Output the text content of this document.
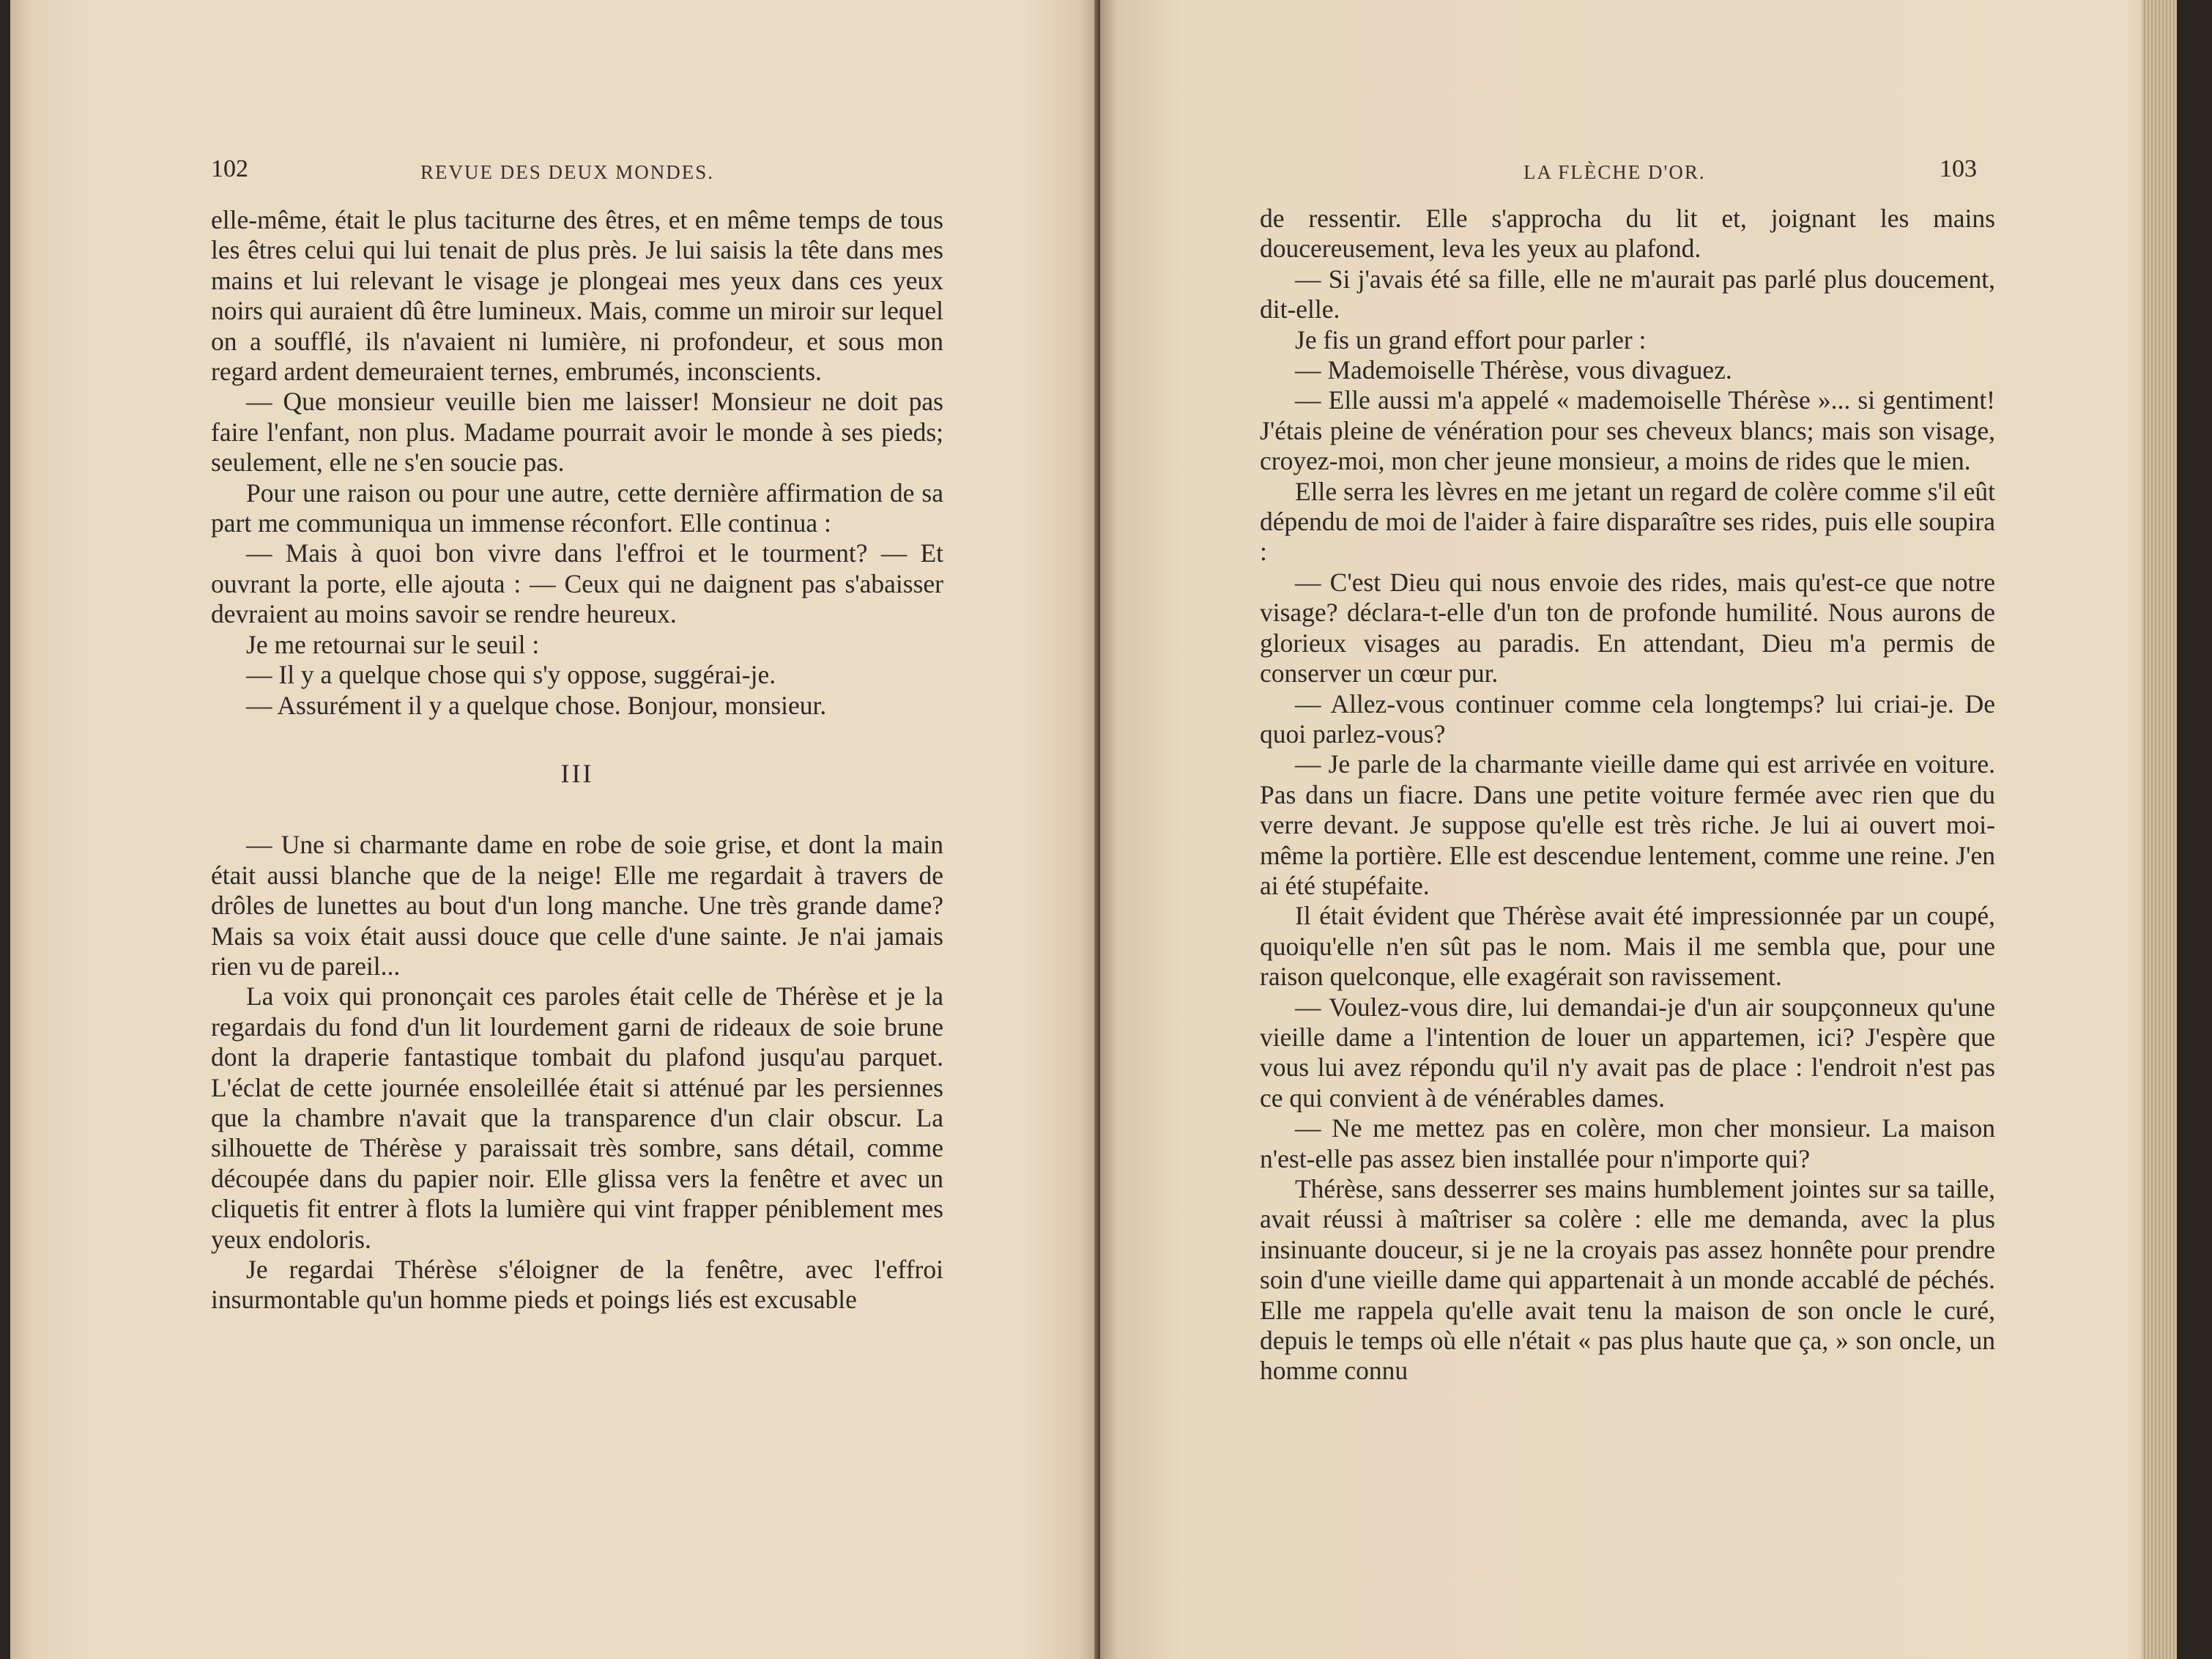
102	REVUE DES DEUX MONDES.

elle-même, était le plus taciturne des êtres, et en même temps de tous les êtres celui qui lui tenait de plus près. Je lui saisis la tête dans mes mains et lui relevant le visage je plongeai mes yeux dans ces yeux noirs qui auraient dû être lumineux. Mais, comme un miroir sur lequel on a soufflé, ils n'avaient ni lumière, ni profondeur, et sous mon regard ardent demeuraient ternes, embrumés, inconscients.

— Que monsieur veuille bien me laisser! Monsieur ne doit pas faire l'enfant, non plus. Madame pourrait avoir le monde à ses pieds; seulement, elle ne s'en soucie pas.

Pour une raison ou pour une autre, cette dernière affirmation de sa part me communiqua un immense réconfort. Elle continua :

— Mais à quoi bon vivre dans l'effroi et le tourment? — Et ouvrant la porte, elle ajouta : — Ceux qui ne daignent pas s'abaisser devraient au moins savoir se rendre heureux.

Je me retournai sur le seuil :

— Il y a quelque chose qui s'y oppose, suggérai-je.

— Assurément il y a quelque chose. Bonjour, monsieur.

III

— Une si charmante dame en robe de soie grise, et dont la main était aussi blanche que de la neige! Elle me regardait à travers de drôles de lunettes au bout d'un long manche. Une très grande dame? Mais sa voix était aussi douce que celle d'une sainte. Je n'ai jamais rien vu de pareil...

La voix qui prononçait ces paroles était celle de Thérèse et je la regardais du fond d'un lit lourdement garni de rideaux de soie brune dont la draperie fantastique tombait du plafond jusqu'au parquet. L'éclat de cette journée ensoleillée était si atténué par les persiennes que la chambre n'avait que la transparence d'un clair obscur. La silhouette de Thérèse y paraissait très sombre, sans détail, comme découpée dans du papier noir. Elle glissa vers la fenêtre et avec un cliquetis fit entrer à flots la lumière qui vint frapper péniblement mes yeux endoloris.

Je regardai Thérèse s'éloigner de la fenêtre, avec l'effroi insurmontable qu'un homme pieds et poings liés est excusable

LA FLÈCHE D'OR.	103

de ressentir. Elle s'approcha du lit et, joignant les mains doucereusement, leva les yeux au plafond.

— Si j'avais été sa fille, elle ne m'aurait pas parlé plus doucement, dit-elle.

Je fis un grand effort pour parler :

— Mademoiselle Thérèse, vous divaguez.

— Elle aussi m'a appelé « mademoiselle Thérèse »... si gentiment! J'étais pleine de vénération pour ses cheveux blancs; mais son visage, croyez-moi, mon cher jeune monsieur, a moins de rides que le mien.

Elle serra les lèvres en me jetant un regard de colère comme s'il eût dépendu de moi de l'aider à faire disparaître ses rides, puis elle soupira :

— C'est Dieu qui nous envoie des rides, mais qu'est-ce que notre visage? déclara-t-elle d'un ton de profonde humilité. Nous aurons de glorieux visages au paradis. En attendant, Dieu m'a permis de conserver un cœur pur.

— Allez-vous continuer comme cela longtemps? lui criai-je. De quoi parlez-vous?

— Je parle de la charmante vieille dame qui est arrivée en voiture. Pas dans un fiacre. Dans une petite voiture fermée avec rien que du verre devant. Je suppose qu'elle est très riche. Je lui ai ouvert moi-même la portière. Elle est descendue lentement, comme une reine. J'en ai été stupéfaite.

Il était évident que Thérèse avait été impressionnée par un coupé, quoiqu'elle n'en sût pas le nom. Mais il me sembla que, pour une raison quelconque, elle exagérait son ravissement.

— Voulez-vous dire, lui demandai-je d'un air soupçonneux qu'une vieille dame a l'intention de louer un appartemen, ici? J'espère que vous lui avez répondu qu'il n'y avait pas de place : l'endroit n'est pas ce qui convient à de vénérables dames.

— Ne me mettez pas en colère, mon cher monsieur. La maison n'est-elle pas assez bien installée pour n'importe qui?

Thérèse, sans desserrer ses mains humblement jointes sur sa taille, avait réussi à maîtriser sa colère : elle me demanda, avec la plus insinuante douceur, si je ne la croyais pas assez honnête pour prendre soin d'une vieille dame qui appartenait à un monde accablé de péchés. Elle me rappela qu'elle avait tenu la maison de son oncle le curé, depuis le temps où elle n'était « pas plus haute que ça, » son oncle, un homme connu
